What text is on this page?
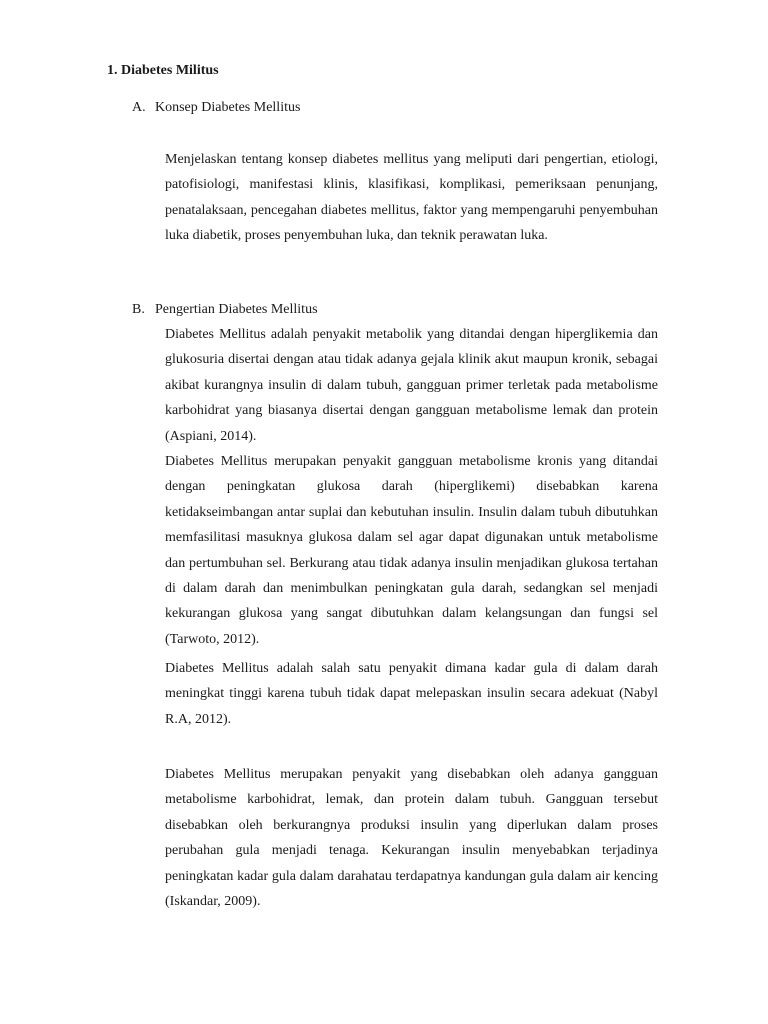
1. Diabetes Militus
A. Konsep Diabetes Mellitus

Menjelaskan tentang konsep diabetes mellitus yang meliputi dari pengertian, etiologi, patofisiologi, manifestasi klinis, klasifikasi, komplikasi, pemeriksaan penunjang, penatalaksaan, pencegahan diabetes mellitus, faktor yang mempengaruhi penyembuhan luka diabetik, proses penyembuhan luka, dan teknik perawatan luka.

B. Pengertian Diabetes Mellitus

Diabetes Mellitus adalah penyakit metabolik yang ditandai dengan hiperglikemia dan glukosuria disertai dengan atau tidak adanya gejala klinik akut maupun kronik, sebagai akibat kurangnya insulin di dalam tubuh, gangguan primer terletak pada metabolisme karbohidrat yang biasanya disertai dengan gangguan metabolisme lemak dan protein (Aspiani, 2014).

Diabetes Mellitus merupakan penyakit gangguan metabolisme kronis yang ditandai dengan peningkatan glukosa darah (hiperglikemi) disebabkan karena ketidakseimbangan antar suplai dan kebutuhan insulin. Insulin dalam tubuh dibutuhkan memfasilitasi masuknya glukosa dalam sel agar dapat digunakan untuk metabolisme dan pertumbuhan sel. Berkurang atau tidak adanya insulin menjadikan glukosa tertahan di dalam darah dan menimbulkan peningkatan gula darah, sedangkan sel menjadi kekurangan glukosa yang sangat dibutuhkan dalam kelangsungan dan fungsi sel (Tarwoto, 2012).

Diabetes Mellitus adalah salah satu penyakit dimana kadar gula di dalam darah meningkat tinggi karena tubuh tidak dapat melepaskan insulin secara adekuat (Nabyl R.A, 2012).

Diabetes Mellitus merupakan penyakit yang disebabkan oleh adanya gangguan metabolisme karbohidrat, lemak, dan protein dalam tubuh. Gangguan tersebut disebabkan oleh berkurangnya produksi insulin yang diperlukan dalam proses perubahan gula menjadi tenaga. Kekurangan insulin menyebabkan terjadinya peningkatan kadar gula dalam darahatau terdapatnya kandungan gula dalam air kencing (Iskandar, 2009).
